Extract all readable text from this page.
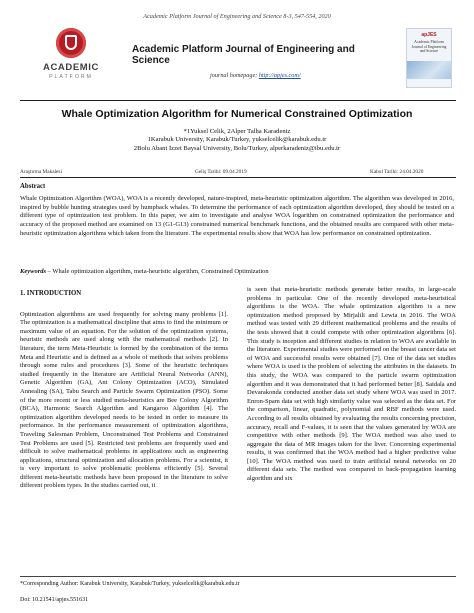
Academic Platform Journal of Engineering and Science 8-3, 547-554, 2020
ACADEMIC
PLATFORM
Academic Platform Journal of Engineering and Science
journal homepage: http://apjes.com/
apJES
Academic Platform Journal of Engineering and Science
Whale Optimization Algorithm for Numerical Constrained Optimization
*1Yuksel Celik, 2Alper Talha Karadeniz
1Karabuk University, Karabuk/Turkey, yukselcelik@karabuk.edu.tr
2Bolu Abant İzzet Baysal University, Bolu/Turkey, alperkaradeniz@ibu.edu.tr
Araştırma Makalesi	Geliş Tarihi: 09.04.2019	Kabul Tarihi: 24.04.2020
Abstract
Whale Optimization Algorithm (WOA), WOA is a recently developed, nature-inspired, meta-heuristic optimization algorithm. The algorithm was developed in 2016, inspired by bubble hunting strategies used by humpback whales. To determine the performance of each optimization algorithm developed, they should be tested on a different type of optimization test problem. In this paper, we aim to investigate and analyse WOA logarithm on constrained optimization the performance and accuracy of the proposed method are examined on 13 (G1-G13) constrained numerical benchmark functions, and the obtained results are compared with other meta-heuristic optimization algorithms which taken from the literature. The experimental results show that WOA has low performance on constrained optimization.
Keywords – Whale optimization algorithm, meta-heuristic algorithm, Constrained Optimization
1. INTRODUCTION

Optimization algorithms are used frequently for solving many problems [1]. The optimization is a mathematical discipline that aims to find the minimum or maximum value of an equation. For the solution of the optimization systems, heuristic methods are used along with the mathematical methods [2]. In literature, the term Meta-Heuristic is formed by the combination of the terms Meta and Heuristic and is defined as a whole of methods that solves problems through some rules and procedures [3]. Some of the heuristic techniques studied frequently in the literature are Artificial Neural Networks (ANN), Genetic Algorithm (GA), Ant Colony Optimization (ACO), Simulated Annealing (SA), Tabu Search and Particle Swarm Optimization (PSO). Some of the more recent or less studied meta-heuristics are Bee Colony Algorithm (BCA), Harmonic Search Algorithm and Kangaroo Algorithm [4]. The optimization algorithm developed needs to be tested in order to measure its performance. In the performance measurement of optimization algorithms, Traveling Salesman Problem, Unconstrained Test Problems and Constrained Test Problems are used [5]. Restricted test problems are frequently used and difficult to solve mathematical problems in applications such as engineering applications, structural optimization and allocation problems. For a scientist, it is very important to solve problematic problems efficiently [5]. Several different meta-heuristic methods have been proposed in the literature to solve different problem types. In the studies carried out, it

is seen that meta-heuristic methods generate better results, in large-scale problems in particular. One of the recently developed meta-heuristical algorithms is the WOA. The whale optimization algorithm is a new optimization method proposed by Mirjalili and Lewia in 2016. The WOA method was tested with 29 different mathematical problems and the results of the tests showed that it could compete with other optimization algorithms [6]. This study is inception and different studies in relation to WOA are available in the literature. Experimental studies were performed on the breast cancer data set of WOA and successful results were obtained [7]. One of the data set studies where WOA is used is the problem of selecting the attributes in the datasets. In this study, the WOA was compared to the particle swarm optimization algorithm and it was demonstrated that it had performed better [8]. Saidala and Devarakonda conducted another data set study where WOA was used in 2017. Enron-Spam data set with high similarity value was selected as the data set. For the comparison, linear, quadratic, polynomial and RBF methods were used. According to all results obtained by evaluating the results concerning precision, accuracy, recall and F-values, it is seen that the values generated by WOA are competitive with other methods [9]. The WOA method was also used to aggregate the data of MR images taken for the liver. Concerning experimental results, it was confirmed that the WOA method had a higher predictive value [10]. The WOA method was used to train artificial neural networks on 20 different data sets. The method was compared to back-propagation learning algorithm and six

*Corresponding Author: Karabuk University, Karabuk/Turkey, yukselcelik@karabuk.edu.tr
Doi: 10.21541/apjes.551631
